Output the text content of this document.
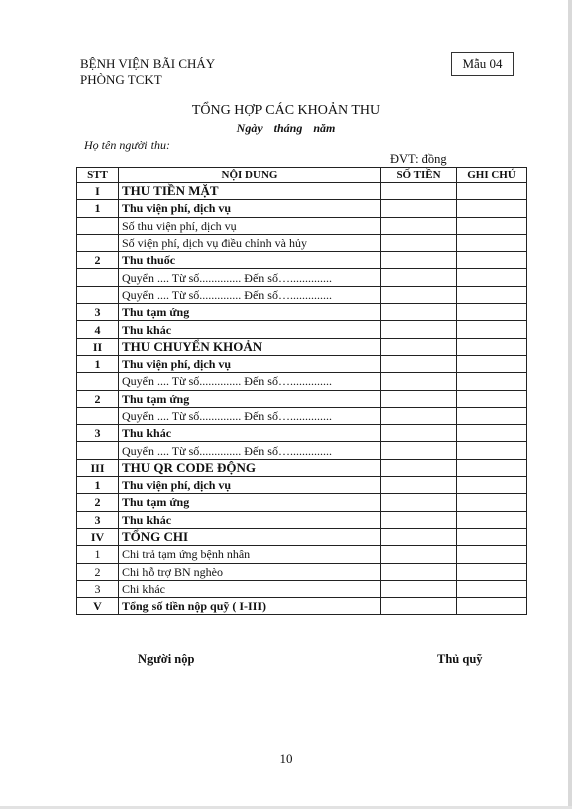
BỆNH VIỆN BÃI CHÁY
PHÒNG TCKT
Mẫu 04
TỔNG HỢP CÁC KHOẢN THU
Ngày tháng năm
Họ tên người thu:
ĐVT: đồng
STT	NỘI DUNG	SỐ TIỀN	GHI CHÚ
I	THU TIỀN MẶT		
1	Thu viện phí, dịch vụ		
	Số thu viện phí, dịch vụ		
	Số viện phí, dịch vụ điều chỉnh và hủy		
2	Thu thuốc		
	Quyển .... Từ số.............. Đến số…..............		
	Quyển .... Từ số.............. Đến số…..............		
3	Thu tạm ứng		
4	Thu khác		
II	THU CHUYỂN KHOẢN		
1	Thu viện phí, dịch vụ		
	Quyển .... Từ số.............. Đến số…..............		
2	Thu tạm ứng		
	Quyển .... Từ số.............. Đến số…..............		
3	Thu khác		
	Quyển .... Từ số.............. Đến số…..............		
III	THU QR CODE ĐỘNG		
1	Thu viện phí, dịch vụ		
2	Thu tạm ứng		
3	Thu khác		
IV	TỔNG CHI		
1	Chi trả tạm ứng bệnh nhân		
2	Chi hỗ trợ BN nghèo		
3	Chi khác		
V	Tổng số tiền nộp quỹ ( I-III)		
Người nộp	Thủ quỹ
10
